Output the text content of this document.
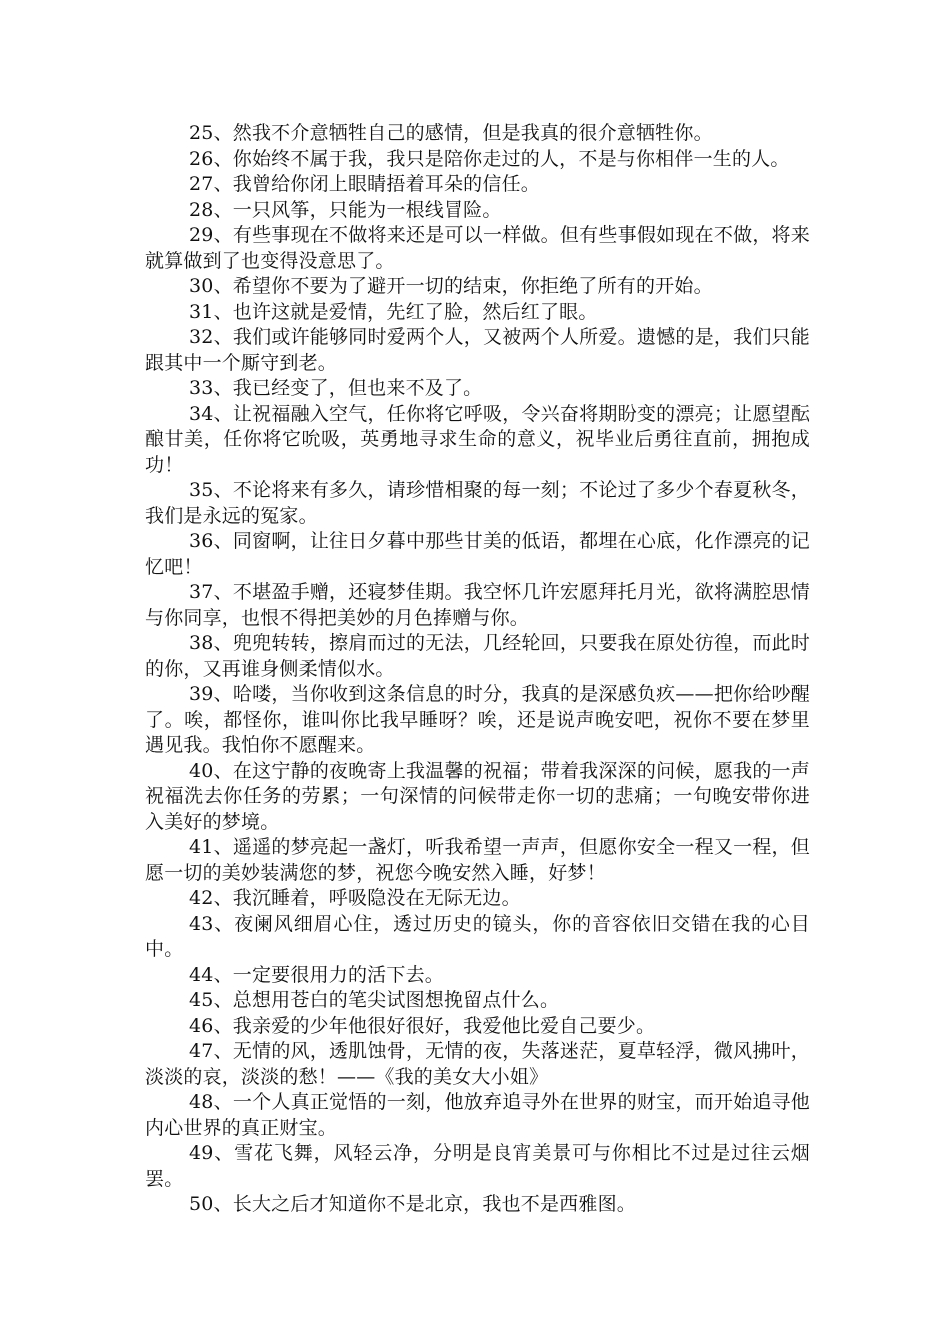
25、然我不介意牺牲自己的感情，但是我真的很介意牺牲你。

26、你始终不属于我，我只是陪你走过的人，不是与你相伴一生的人。

27、我曾给你闭上眼睛捂着耳朵的信任。

28、一只风筝，只能为一根线冒险。

29、有些事现在不做将来还是可以一样做。但有些事假如现在不做，将来就算做到了也变得没意思了。

30、希望你不要为了避开一切的结束，你拒绝了所有的开始。

31、也许这就是爱情，先红了脸，然后红了眼。

32、我们或许能够同时爱两个人，又被两个人所爱。遗憾的是，我们只能跟其中一个厮守到老。

33、我已经变了，但也来不及了。

34、让祝福融入空气，任你将它呼吸，令兴奋将期盼变的漂亮；让愿望酝酿甘美，任你将它吮吸，英勇地寻求生命的意义，祝毕业后勇往直前，拥抱成功！

35、不论将来有多久，请珍惜相聚的每一刻；不论过了多少个春夏秋冬，我们是永远的冤家。

36、同窗啊，让往日夕暮中那些甘美的低语，都埋在心底，化作漂亮的记忆吧！

37、不堪盈手赠，还寝梦佳期。我空怀几许宏愿拜托月光，欲将满腔思情与你同享，也恨不得把美妙的月色捧赠与你。

38、兜兜转转，擦肩而过的无法，几经轮回，只要我在原处彷徨，而此时的你，又再谁身侧柔情似水。

39、哈喽，当你收到这条信息的时分，我真的是深感负疚——把你给吵醒了。唉，都怪你，谁叫你比我早睡呀？唉，还是说声晚安吧，祝你不要在梦里遇见我。我怕你不愿醒来。

40、在这宁静的夜晚寄上我温馨的祝福；带着我深深的问候，愿我的一声祝福洗去你任务的劳累；一句深情的问候带走你一切的悲痛；一句晚安带你进入美好的梦境。

41、遥遥的梦亮起一盏灯，听我希望一声声，但愿你安全一程又一程，但愿一切的美妙装满您的梦，祝您今晚安然入睡，好梦！

42、我沉睡着，呼吸隐没在无际无边。

43、夜阑风细眉心住，透过历史的镜头，你的音容依旧交错在我的心目中。

44、一定要很用力的活下去。

45、总想用苍白的笔尖试图想挽留点什么。

46、我亲爱的少年他很好很好，我爱他比爱自己要少。

47、无情的风，透肌蚀骨，无情的夜，失落迷茫，夏草轻浮，微风拂叶，淡淡的哀，淡淡的愁！——《我的美女大小姐》

48、一个人真正觉悟的一刻，他放弃追寻外在世界的财宝，而开始追寻他内心世界的真正财宝。

49、雪花飞舞，风轻云净，分明是良宵美景可与你相比不过是过往云烟罢。

50、长大之后才知道你不是北京，我也不是西雅图。
